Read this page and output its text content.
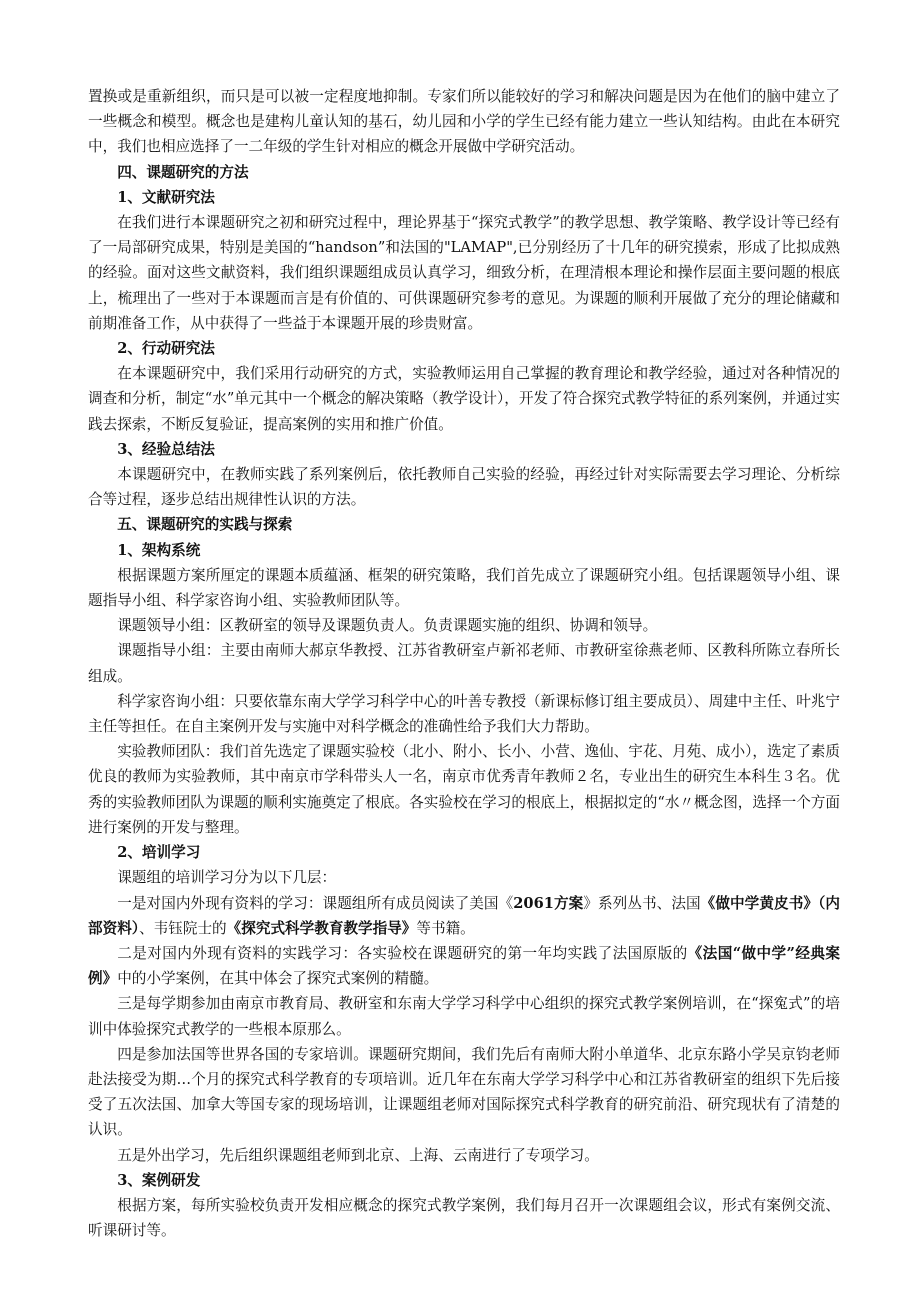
置换或是重新组织，而只是可以被一定程度地抑制。专家们所以能较好的学习和解决问题是因为在他们的脑中建立了一些概念和模型。概念也是建构儿童认知的基石，幼儿园和小学的学生已经有能力建立一些认知结构。由此在本研究中，我们也相应选择了一二年级的学生针对相应的概念开展做中学研究活动。

四、课题研究的方法

1、文献研究法

在我们进行本课题研究之初和研究过程中，理论界基于“探究式教学”的教学思想、教学策略、教学设计等已经有了一局部研究成果，特别是美国的“handson”和法国的"LAMAP",已分别经历了十几年的研究摸索，形成了比拟成熟的经验。面对这些文献资料，我们组织课题组成员认真学习，细致分析，在理清根本理论和操作层面主要问题的根底上，梳理出了一些对于本课题而言是有价值的、可供课题研究参考的意见。为课题的顺利开展做了充分的理论储藏和前期准备工作，从中获得了一些益于本课题开展的珍贵财富。

2、行动研究法

在本课题研究中，我们采用行动研究的方式，实验教师运用自己掌握的教育理论和教学经验，通过对各种情况的调查和分析，制定“水”单元其中一个概念的解决策略（教学设计），开发了符合探究式教学特征的系列案例，并通过实践去探索，不断反复验证，提高案例的实用和推广价值。

3、经验总结法

本课题研究中，在教师实践了系列案例后，依托教师自己实验的经验，再经过针对实际需要去学习理论、分析综合等过程，逐步总结出规律性认识的方法。

五、课题研究的实践与探索

1、架构系统

根据课题方案所厘定的课题本质蕴涵、框架的研究策略，我们首先成立了课题研究小组。包括课题领导小组、课题指导小组、科学家咨询小组、实验教师团队等。

课题领导小组：区教研室的领导及课题负责人。负责课题实施的组织、协调和领导。

课题指导小组：主要由南师大郝京华教授、江苏省教研室卢新祁老师、市教研室徐燕老师、区教科所陈立春所长组成。

科学家咨询小组：只要依靠东南大学学习科学中心的叶善专教授（新课标修订组主要成员）、周建中主任、叶兆宁主任等担任。在自主案例开发与实施中对科学概念的准确性给予我们大力帮助。

实验教师团队：我们首先选定了课题实验校（北小、附小、长小、小营、逸仙、宇花、月苑、成小），选定了素质优良的教师为实验教师，其中南京市学科带头人一名，南京市优秀青年教师２名，专业出生的研究生本科生３名。优秀的实验教师团队为课题的顺利实施奠定了根底。各实验校在学习的根底上，根据拟定的“水〃概念图，选择一个方面进行案例的开发与整理。

2、培训学习

课题组的培训学习分为以下几层：

一是对国内外现有资料的学习：课题组所有成员阅读了美国《2061方案》系列丛书、法国《做中学黄皮书》（内部资料）、韦钰院士的《探究式科学教育教学指导》等书籍。

二是对国内外现有资料的实践学习：各实验校在课题研究的第一年均实践了法国原版的《法国“做中学”经典案例》中的小学案例，在其中体会了探究式案例的精髓。

三是每学期参加由南京市教育局、教研室和东南大学学习科学中心组织的探究式教学案例培训，在“探寃式”的培训中体验探究式教学的一些根本原那么。

四是参加法国等世界各国的专家培训。课题研究期间，我们先后有南师大附小单道华、北京东路小学吴京钧老师赴法接受为期…个月的探究式科学教育的专项培训。近几年在东南大学学习科学中心和江苏省教研室的组织下先后接受了五次法国、加拿大等国专家的现场培训，让课题组老师对国际探究式科学教育的研究前沿、研究现状有了清楚的认识。

五是外出学习，先后组织课题组老师到北京、上海、云南进行了专项学习。

3、案例研发

根据方案，每所实验校负责开发相应概念的探究式教学案例，我们每月召开一次课题组会议，形式有案例交流、听课研讨等。
